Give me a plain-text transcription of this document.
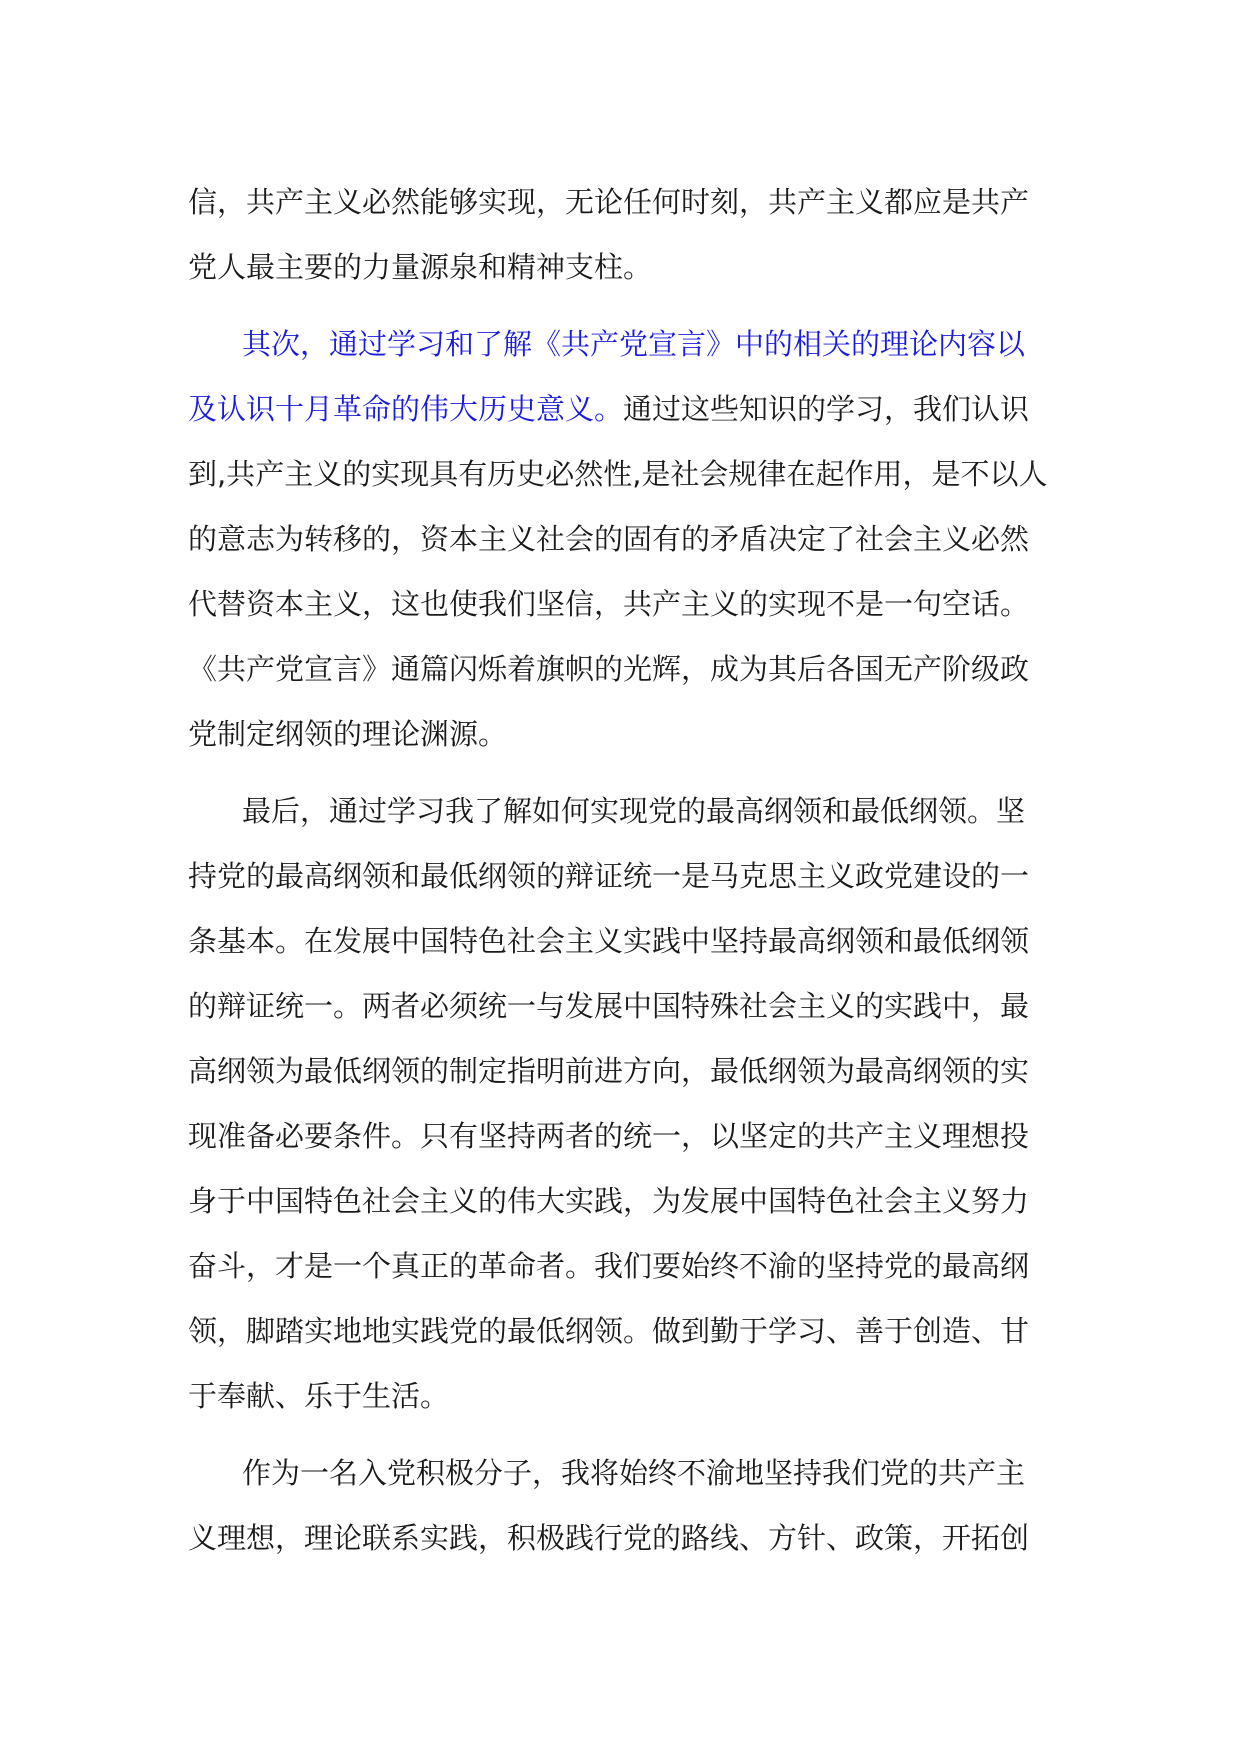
信，共产主义必然能够实现，无论任何时刻，共产主义都应是共产
党人最主要的力量源泉和精神支柱。
其次，通过学习和了解《共产党宣言》中的相关的理论内容以
及认识十月革命的伟大历史意义。通过这些知识的学习，我们认识
到,共产主义的实现具有历史必然性,是社会规律在起作用，是不以人
的意志为转移的，资本主义社会的固有的矛盾决定了社会主义必然
代替资本主义，这也使我们坚信，共产主义的实现不是一句空话。
《共产党宣言》通篇闪烁着旗帜的光辉，成为其后各国无产阶级政
党制定纲领的理论渊源。
最后，通过学习我了解如何实现党的最高纲领和最低纲领。坚
持党的最高纲领和最低纲领的辩证统一是马克思主义政党建设的一
条基本。在发展中国特色社会主义实践中坚持最高纲领和最低纲领
的辩证统一。两者必须统一与发展中国特殊社会主义的实践中，最
高纲领为最低纲领的制定指明前进方向，最低纲领为最高纲领的实
现准备必要条件。只有坚持两者的统一，以坚定的共产主义理想投
身于中国特色社会主义的伟大实践，为发展中国特色社会主义努力
奋斗，才是一个真正的革命者。我们要始终不渝的坚持党的最高纲
领，脚踏实地地实践党的最低纲领。做到勤于学习、善于创造、甘
于奉献、乐于生活。
作为一名入党积极分子，我将始终不渝地坚持我们党的共产主
义理想，理论联系实践，积极践行党的路线、方针、政策，开拓创
